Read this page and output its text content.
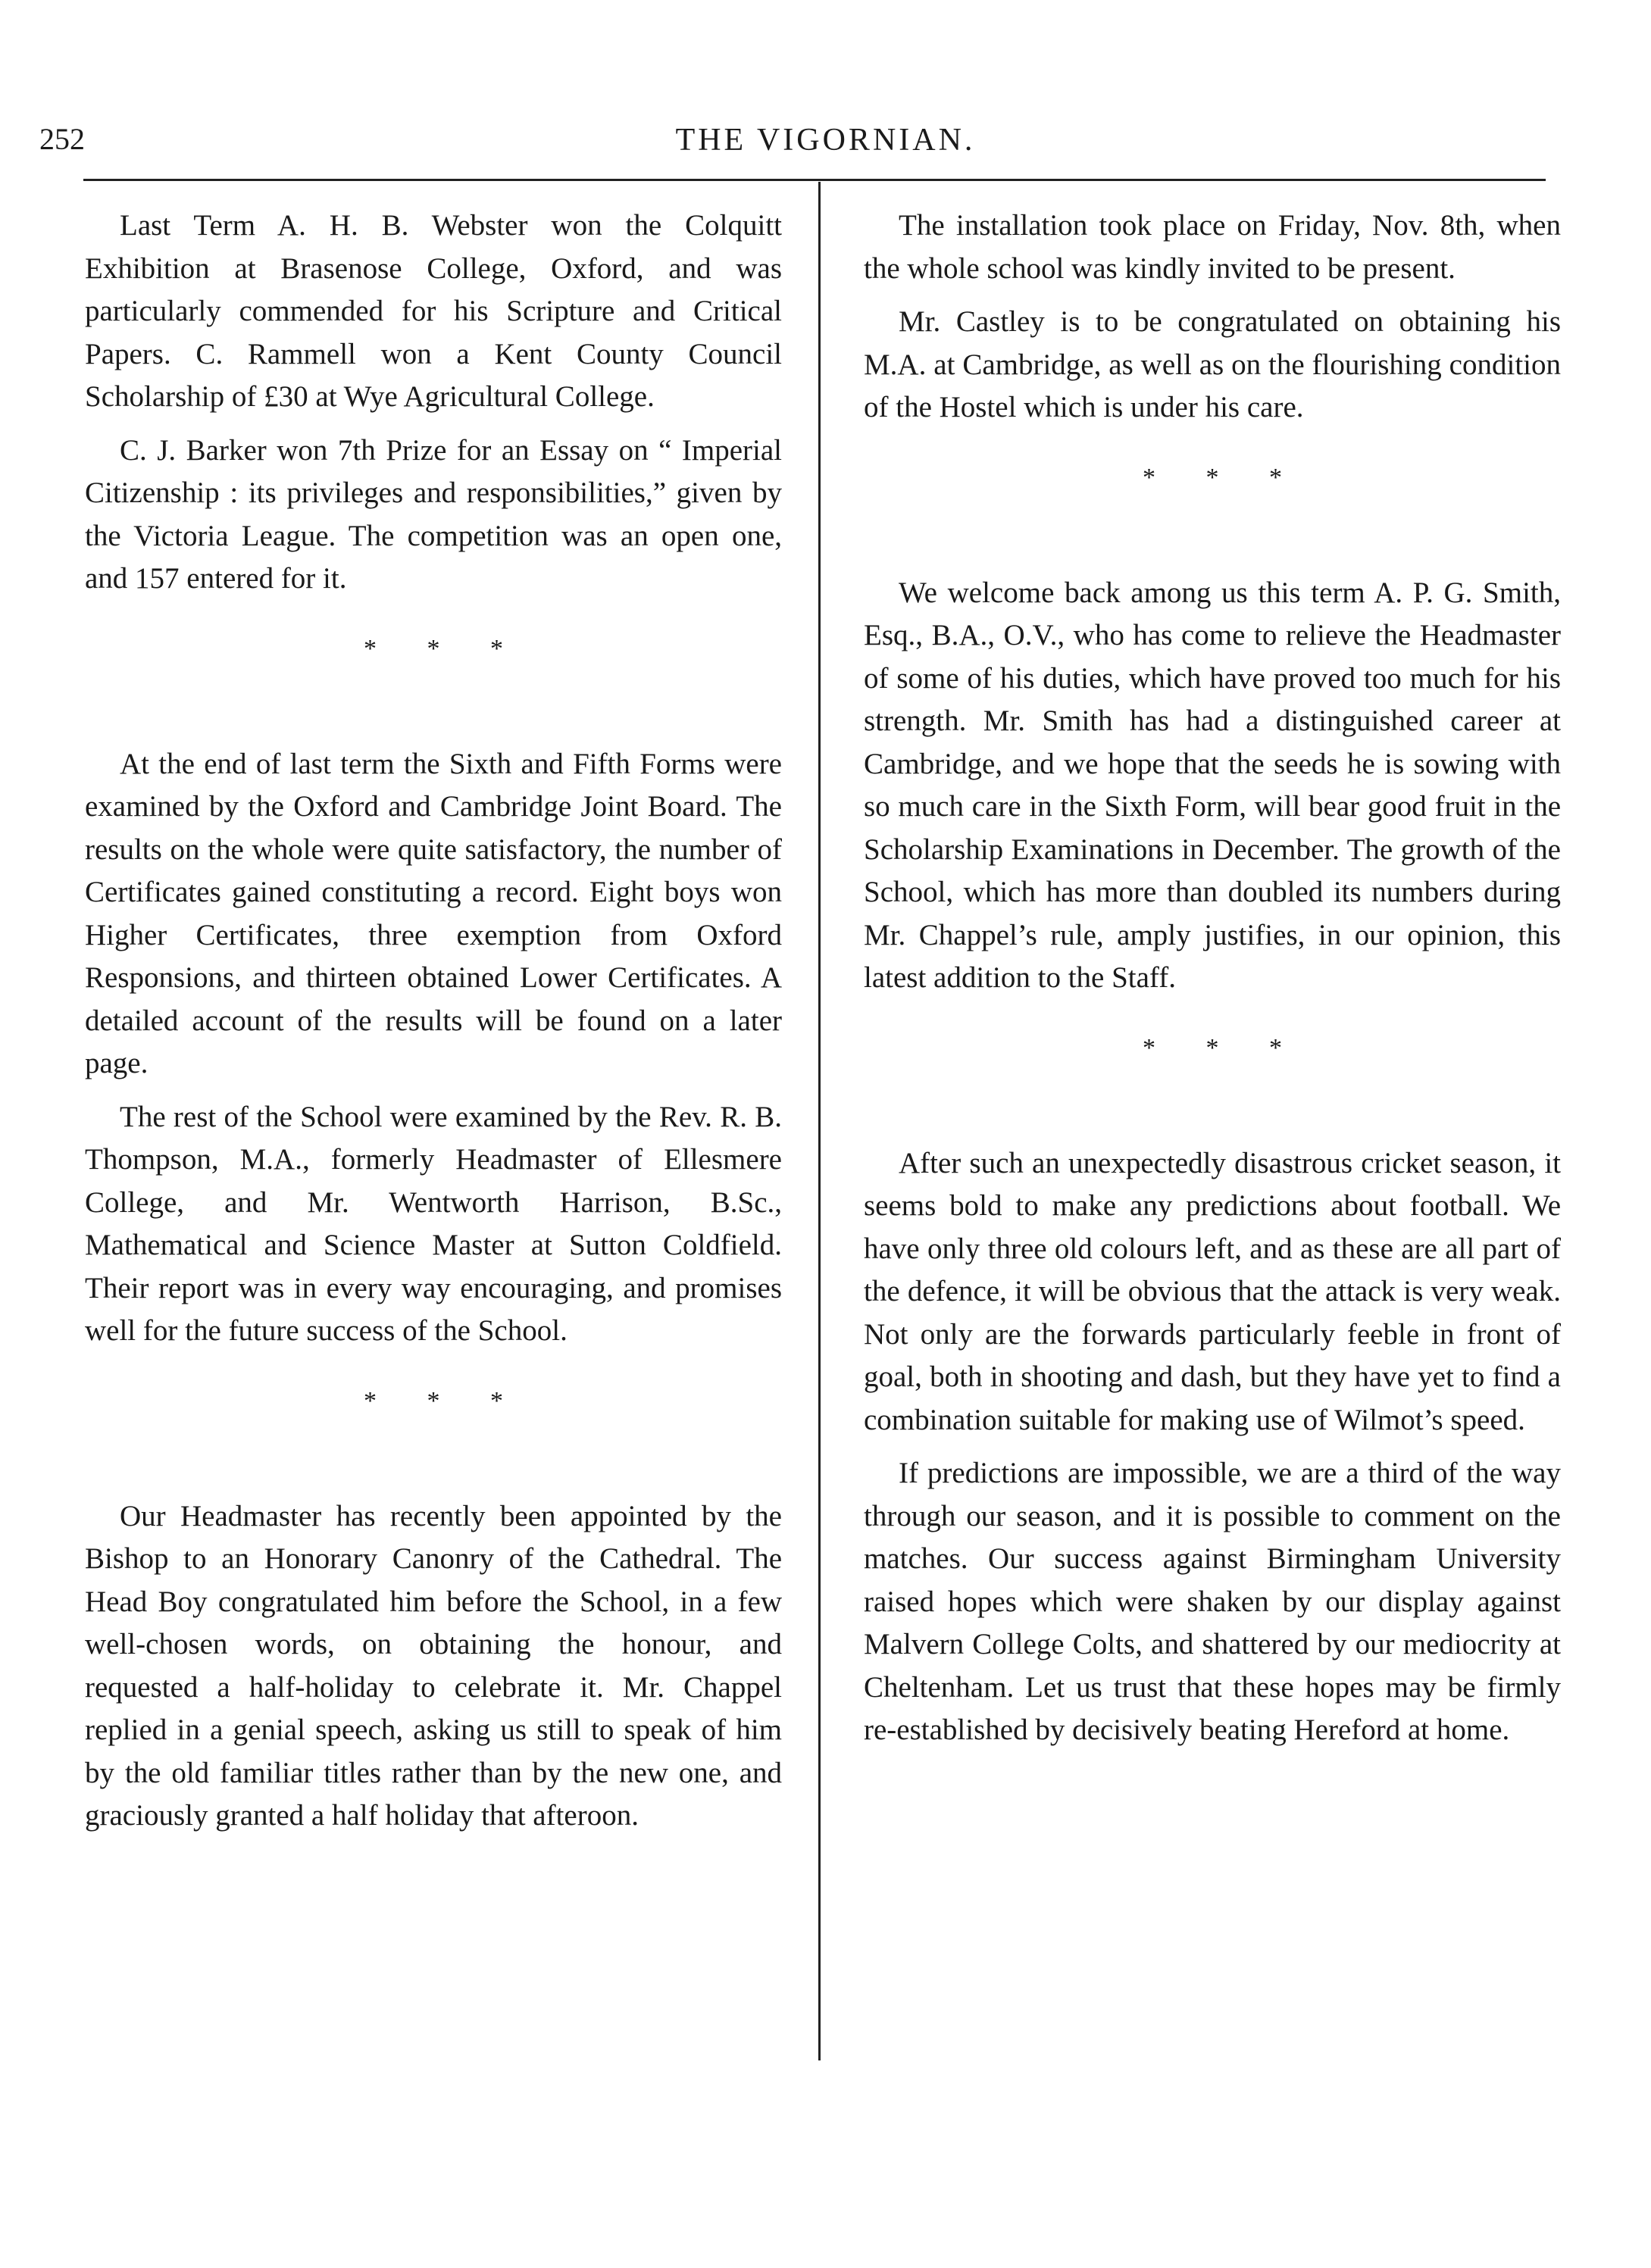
252	THE VIGORNIAN.

Last Term A. H. B. Webster won the Colquitt Exhibition at Brasenose College, Oxford, and was particularly commended for his Scripture and Critical Papers. C. Rammell won a Kent County Council Scholarship of £30 at Wye Agricultural College.

C. J. Barker won 7th Prize for an Essay on “ Imperial Citizenship : its privileges and responsibilities,” given by the Victoria League. The competition was an open one, and 157 entered for it.

* * *

At the end of last term the Sixth and Fifth Forms were examined by the Oxford and Cambridge Joint Board. The results on the whole were quite satisfactory, the number of Certificates gained constituting a record. Eight boys won Higher Certificates, three exemption from Oxford Responsions, and thirteen obtained Lower Certificates. A detailed account of the results will be found on a later page.

The rest of the School were examined by the Rev. R. B. Thompson, M.A., formerly Headmaster of Ellesmere College, and Mr. Wentworth Harrison, B.Sc., Mathematical and Science Master at Sutton Coldfield. Their report was in every way encouraging, and promises well for the future success of the School.

* * *

Our Headmaster has recently been appointed by the Bishop to an Honorary Canonry of the Cathedral. The Head Boy congratulated him before the School, in a few well-chosen words, on obtaining the honour, and requested a half-holiday to celebrate it. Mr. Chappel replied in a genial speech, asking us still to speak of him by the old familiar titles rather than by the new one, and graciously granted a half holiday that afteroon.

The installation took place on Friday, Nov. 8th, when the whole school was kindly invited to be present.

Mr. Castley is to be congratulated on obtaining his M.A. at Cambridge, as well as on the flourishing condition of the Hostel which is under his care.

* * *

We welcome back among us this term A. P. G. Smith, Esq., B.A., O.V., who has come to relieve the Headmaster of some of his duties, which have proved too much for his strength. Mr. Smith has had a distinguished career at Cambridge, and we hope that the seeds he is sowing with so much care in the Sixth Form, will bear good fruit in the Scholarship Examinations in December. The growth of the School, which has more than doubled its numbers during Mr. Chappel’s rule, amply justifies, in our opinion, this latest addition to the Staff.

* * *

After such an unexpectedly disastrous cricket season, it seems bold to make any predictions about football. We have only three old colours left, and as these are all part of the defence, it will be obvious that the attack is very weak. Not only are the forwards particularly feeble in front of goal, both in shooting and dash, but they have yet to find a combination suitable for making use of Wilmot’s speed.

If predictions are impossible, we are a third of the way through our season, and it is possible to comment on the matches. Our success against Birmingham University raised hopes which were shaken by our display against Malvern College Colts, and shattered by our mediocrity at Cheltenham. Let us trust that these hopes may be firmly re-established by decisively beating Hereford at home.
